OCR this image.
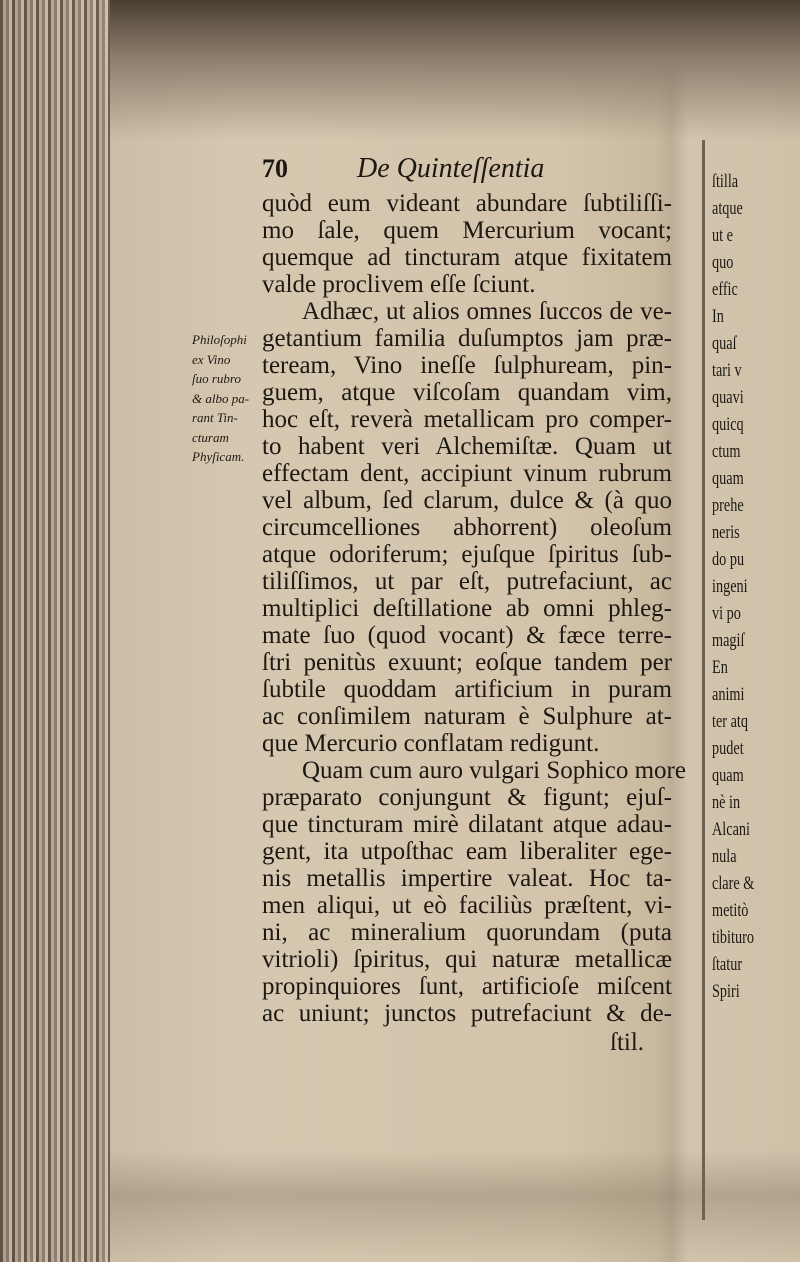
70 De Quinteſſentia
Philoſophi
ex Vino
ſuo rubro
& albo pa-
rant Tin-
cturam
Phyſicam.
quòd eum videant abundare ſubtiliſſi-
mo ſale, quem Mercurium vocant;
quemque ad tincturam atque fixitatem
valde proclivem eſſe ſciunt.
Adhæc, ut alios omnes ſuccos de ve-
getantium familia duſumptos jam præ-
teream, Vino ineſſe ſulphuream, pin-
guem, atque viſcoſam quandam vim,
hoc eſt, reverà metallicam pro comper-
to habent veri Alchemiſtæ. Quam ut
effectam dent, accipiunt vinum rubrum
vel album, ſed clarum, dulce & (à quo
circumcelliones abhorrent) oleoſum
atque odoriferum; ejuſque ſpiritus ſub-
tiliſſimos, ut par eſt, putrefaciunt, ac
multiplici deſtillatione ab omni phleg-
mate ſuo (quod vocant) & fæce terre-
ſtri penitùs exuunt; eoſque tandem per
ſubtile quoddam artificium in puram
ac conſimilem naturam è Sulphure at-
que Mercurio conflatam redigunt.
Quam cum auro vulgari Sophico more
præparato conjungunt & figunt; ejuſ-
que tincturam mirè dilatant atque adau-
gent, ita utpoſthac eam liberaliter ege-
nis metallis impertire valeat. Hoc ta-
men aliqui, ut eò faciliùs præſtent, vi-
ni, ac mineralium quorundam (puta
vitrioli) ſpiritus, qui naturæ metallicæ
propinquiores ſunt, artificioſe miſcent
ac uniunt; junctos putrefaciunt & de-
ſtil.
ſtilla
atque
ut e
quo
effic
In
quaſ
tari v
quavi
quicq
ctum
quam
prehe
neris
do pu
ingeni
vi po
magiſ
En
animi
ter atq
pudet
quam
nè in
Alcani
nula
clare &
metitò
tibituro
ſtatur
Spiri
